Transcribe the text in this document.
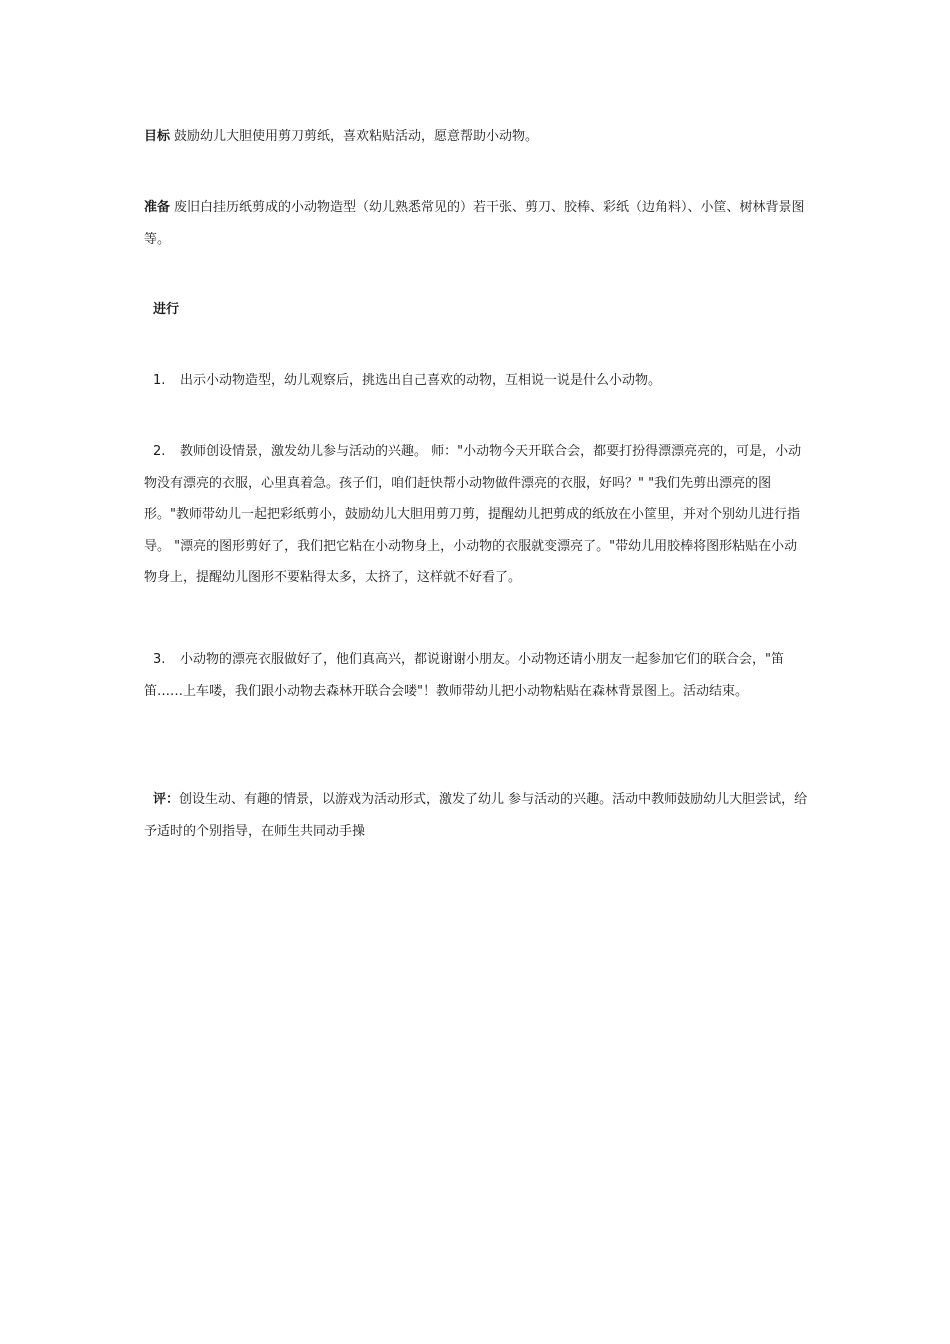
目标 鼓励幼儿大胆使用剪刀剪纸，喜欢粘贴活动，愿意帮助小动物。
准备 废旧白挂历纸剪成的小动物造型（幼儿熟悉常见的）若干张、剪刀、胶棒、彩纸（边角料）、小筐、树林背景图等。
进行
1. 出示小动物造型，幼儿观察后，挑选出自己喜欢的动物，互相说一说是什么小动物。
2. 教师创设情景，激发幼儿参与活动的兴趣。 师："小动物今天开联合会，都要打扮得漂漂亮亮的，可是，小动物没有漂亮的衣服，心里真着急。孩子们，咱们赶快帮小动物做件漂亮的衣服，好吗？" "我们先剪出漂亮的图形。"教师带幼儿一起把彩纸剪小，鼓励幼儿大胆用剪刀剪，提醒幼儿把剪成的纸放在小筐里，并对个别幼儿进行指导。 "漂亮的图形剪好了，我们把它粘在小动物身上，小动物的衣服就变漂亮了。"带幼儿用胶棒将图形粘贴在小动物身上，提醒幼儿图形不要粘得太多，太挤了，这样就不好看了。
3. 小动物的漂亮衣服做好了，他们真高兴，都说谢谢小朋友。小动物还请小朋友一起参加它们的联合会，"笛笛……上车喽，我们跟小动物去森林开联合会喽"！教师带幼儿把小动物粘贴在森林背景图上。活动结束。
评：创设生动、有趣的情景，以游戏为活动形式，激发了幼儿 参与活动的兴趣。活动中教师鼓励幼儿大胆尝试，给予适时的个别指导，在师生共同动手操
